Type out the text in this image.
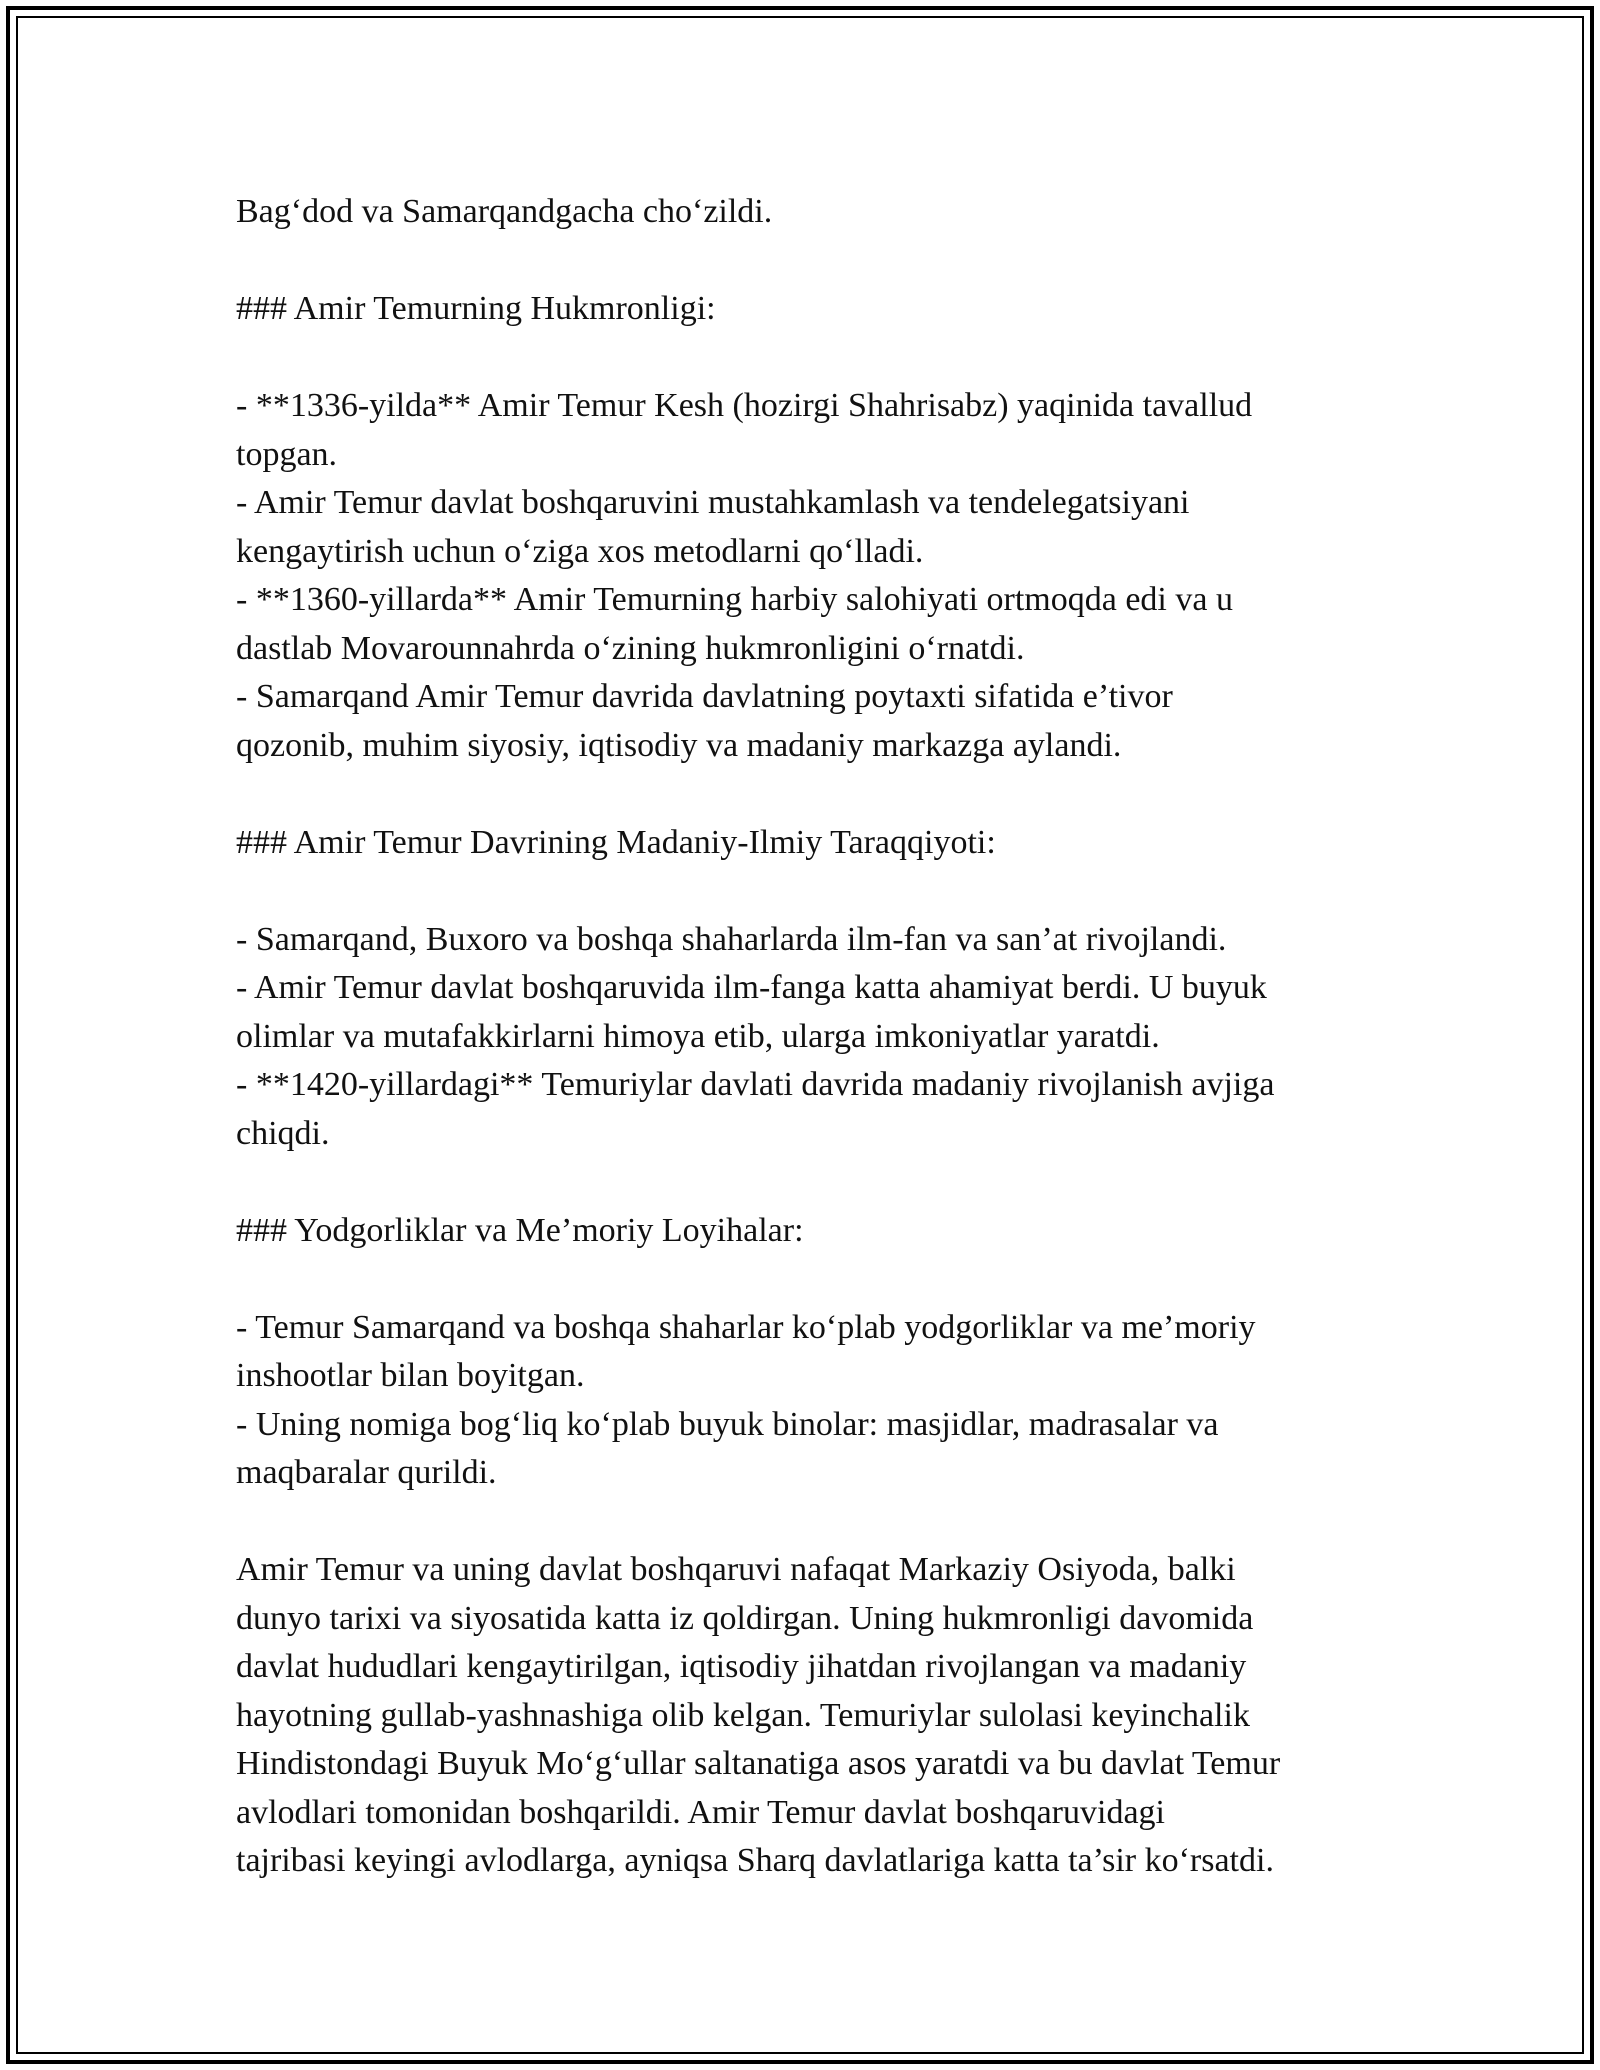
Bag‘dod va Samarqandgacha cho‘zildi.
### Amir Temurning Hukmronligi:
- **1336-yilda** Amir Temur Kesh (hozirgi Shahrisabz) yaqinida tavallud
topgan.
- Amir Temur davlat boshqaruvini mustahkamlash va tendelegatsiyani
kengaytirish uchun o‘ziga xos metodlarni qo‘lladi.
- **1360-yillarda** Amir Temurning harbiy salohiyati ortmoqda edi va u
dastlab Movarounnahrda o‘zining hukmronligini o‘rnatdi.
- Samarqand Amir Temur davrida davlatning poytaxti sifatida e’tivor
qozonib, muhim siyosiy, iqtisodiy va madaniy markazga aylandi.
### Amir Temur Davrining Madaniy-Ilmiy Taraqqiyoti:
- Samarqand, Buxoro va boshqa shaharlarda ilm-fan va san’at rivojlandi.
- Amir Temur davlat boshqaruvida ilm-fanga katta ahamiyat berdi. U buyuk
olimlar va mutafakkirlarni himoya etib, ularga imkoniyatlar yaratdi.
- **1420-yillardagi** Temuriylar davlati davrida madaniy rivojlanish avjiga
chiqdi.
### Yodgorliklar va Me’moriy Loyihalar:
- Temur Samarqand va boshqa shaharlar ko‘plab yodgorliklar va me’moriy
inshootlar bilan boyitgan.
- Uning nomiga bog‘liq ko‘plab buyuk binolar: masjidlar, madrasalar va
maqbaralar qurildi.
Amir Temur va uning davlat boshqaruvi nafaqat Markaziy Osiyoda, balki
dunyo tarixi va siyosatida katta iz qoldirgan. Uning hukmronligi davomida
davlat hududlari kengaytirilgan, iqtisodiy jihatdan rivojlangan va madaniy
hayotning gullab-yashnashiga olib kelgan. Temuriylar sulolasi keyinchalik
Hindistondagi Buyuk Mo‘g‘ullar saltanatiga asos yaratdi va bu davlat Temur
avlodlari tomonidan boshqarildi. Amir Temur davlat boshqaruvidagi
tajribasi keyingi avlodlarga, ayniqsa Sharq davlatlariga katta ta’sir ko‘rsatdi.
